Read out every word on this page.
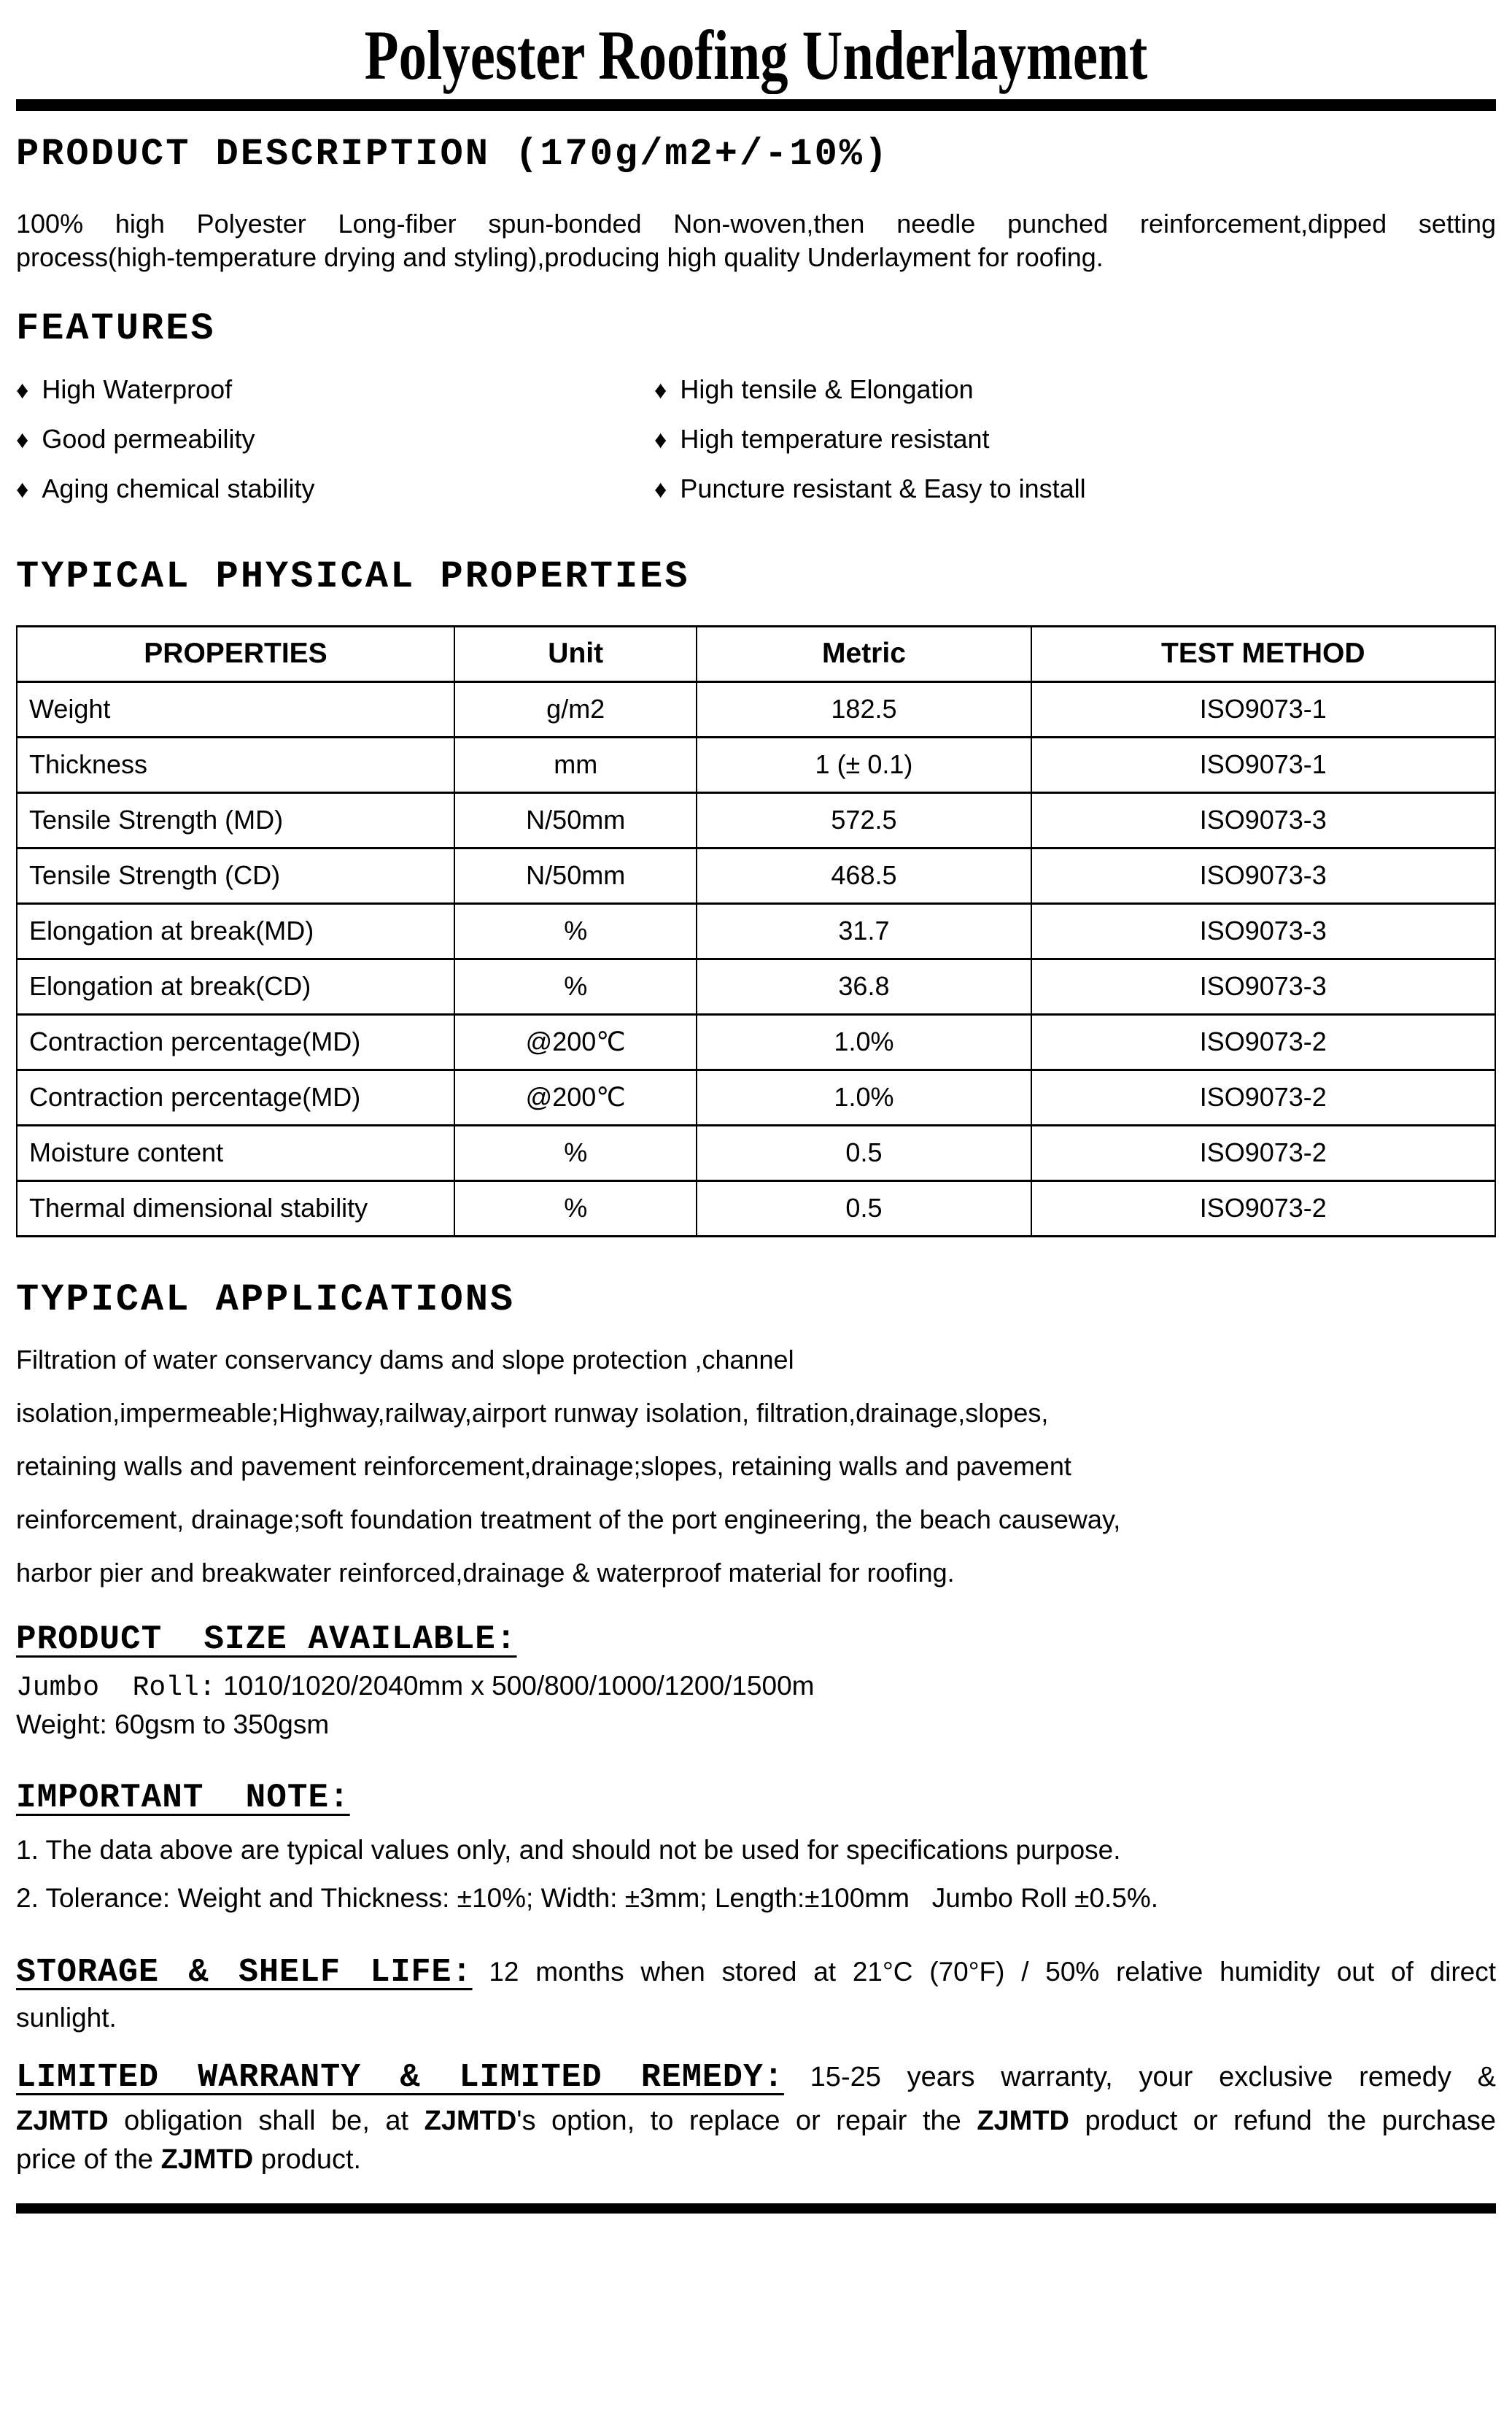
Polyester Roofing Underlayment
PRODUCT DESCRIPTION (170g/m2+/-10%)
100% high Polyester Long-fiber spun-bonded Non-woven,then needle punched reinforcement,dipped setting
process(high-temperature drying and styling),producing high quality Underlayment for roofing.
FEATURES
♦ High Waterproof	♦ High tensile & Elongation
♦ Good permeability	♦ High temperature resistant
♦ Aging chemical stability	♦ Puncture resistant & Easy to install
TYPICAL PHYSICAL PROPERTIES
PROPERTIES	Unit	Metric	TEST METHOD
Weight	g/m2	182.5	ISO9073-1
Thickness	mm	1 (± 0.1)	ISO9073-1
Tensile Strength (MD)	N/50mm	572.5	ISO9073-3
Tensile Strength (CD)	N/50mm	468.5	ISO9073-3
Elongation at break(MD)	%	31.7	ISO9073-3
Elongation at break(CD)	%	36.8	ISO9073-3
Contraction percentage(MD)	@200℃	1.0%	ISO9073-2
Contraction percentage(MD)	@200℃	1.0%	ISO9073-2
Moisture content	%	0.5	ISO9073-2
Thermal dimensional stability	%	0.5	ISO9073-2
TYPICAL APPLICATIONS
Filtration of water conservancy dams and slope protection ,channel
isolation,impermeable;Highway,railway,airport runway isolation, filtration,drainage,slopes,
retaining walls and pavement reinforcement,drainage;slopes, retaining walls and pavement
reinforcement, drainage;soft foundation treatment of the port engineering, the beach causeway,
harbor pier and breakwater reinforced,drainage & waterproof material for roofing.
PRODUCT  SIZE AVAILABLE:
Jumbo  Roll: 1010/1020/2040mm x 500/800/1000/1200/1500m
Weight: 60gsm to 350gsm
IMPORTANT  NOTE:
1. The data above are typical values only, and should not be used for specifications purpose.
2. Tolerance: Weight and Thickness: ±10%; Width: ±3mm; Length:±100mm   Jumbo Roll ±0.5%.
STORAGE & SHELF LIFE: 12 months when stored at 21°C (70°F) / 50% relative humidity out of direct
sunlight.
LIMITED WARRANTY & LIMITED REMEDY: 15-25 years warranty, your exclusive remedy &
ZJMTD obligation shall be, at ZJMTD's option, to replace or repair the ZJMTD product or refund the purchase
price of the ZJMTD product.
